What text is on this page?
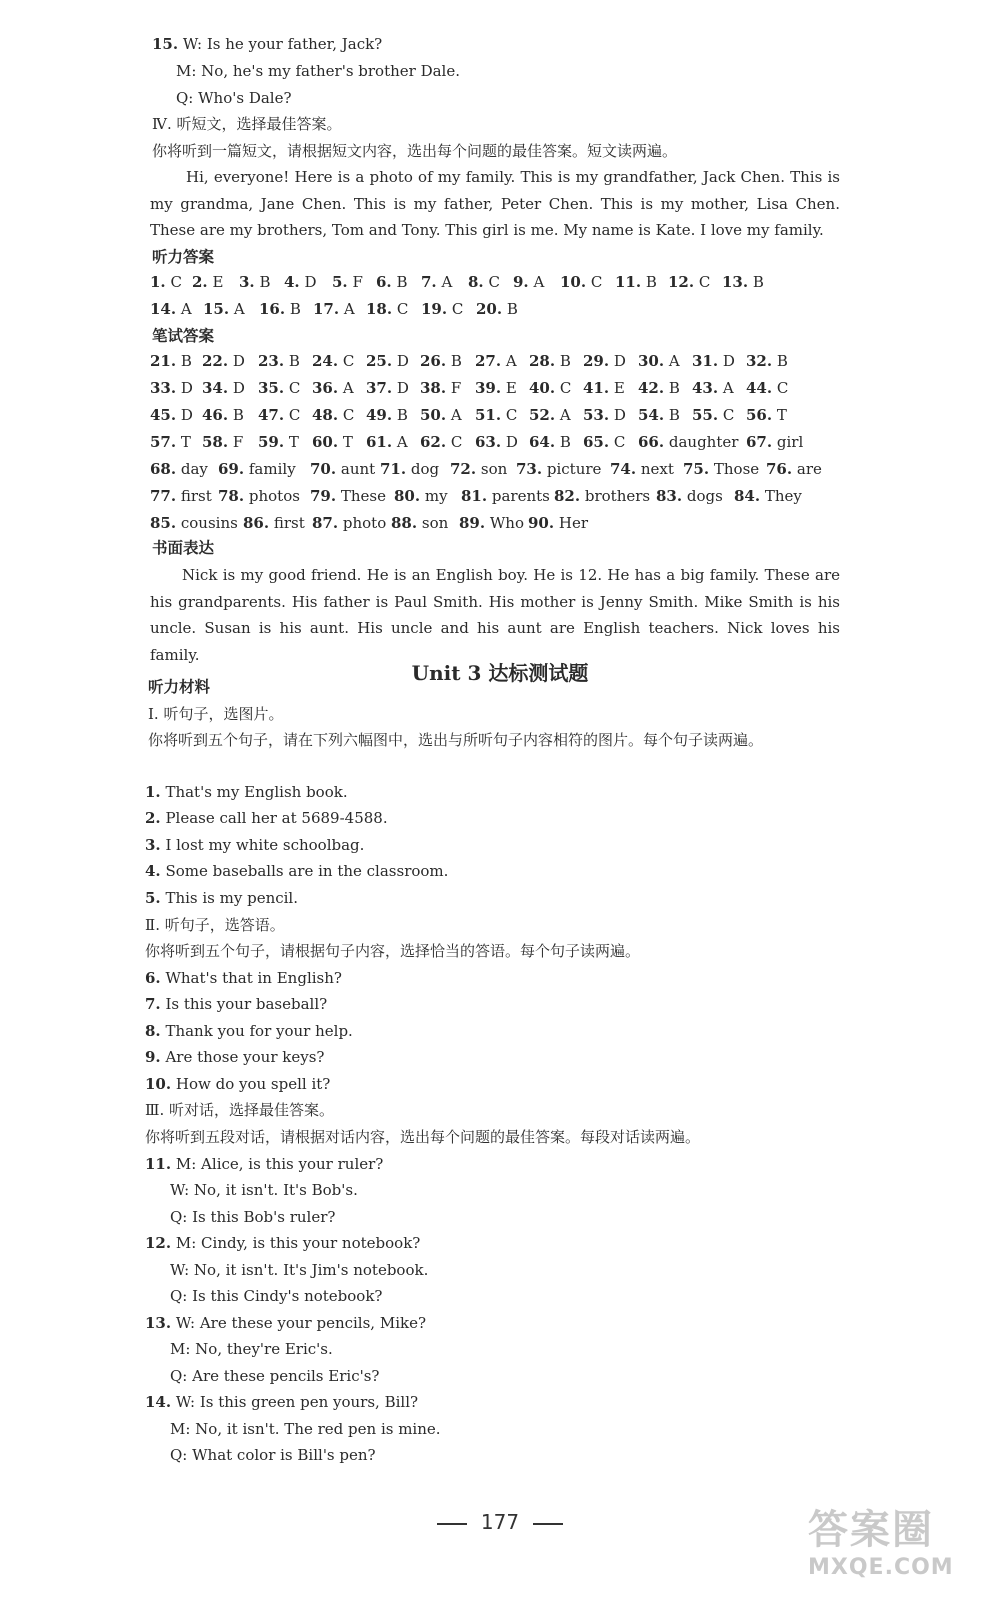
15. W: Is he your father, Jack?
M: No, he's my father's brother Dale.
Q: Who's Dale?
Ⅳ. 听短文，选择最佳答案。
你将听到一篇短文，请根据短文内容，选出每个问题的最佳答案。短文读两遍。
Hi, everyone! Here is a photo of my family. This is my grandfather, Jack Chen. This is my grandma, Jane Chen. This is my father, Peter Chen. This is my mother, Lisa Chen. These are my brothers, Tom and Tony. This girl is me. My name is Kate. I love my family.
听力答案
1. C 2. E 3. B 4. D 5. F 6. B 7. A 8. C 9. A 10. C 11. B 12. C 13. B
14. A 15. A 16. B 17. A 18. C 19. C 20. B
笔试答案
21. B 22. D 23. B 24. C 25. D 26. B 27. A 28. B 29. D 30. A 31. D 32. B
33. D 34. D 35. C 36. A 37. D 38. F 39. E 40. C 41. E 42. B 43. A 44. C
45. D 46. B 47. C 48. C 49. B 50. A 51. C 52. A 53. D 54. B 55. C 56. T
57. T 58. F 59. T 60. T 61. A 62. C 63. D 64. B 65. C 66. daughter 67. girl
68. day 69. family 70. aunt 71. dog 72. son 73. picture 74. next 75. Those 76. are
77. first 78. photos 79. These 80. my 81. parents 82. brothers 83. dogs 84. They
85. cousins 86. first 87. photo 88. son 89. Who 90. Her
书面表达
Nick is my good friend. He is an English boy. He is 12. He has a big family. These are his grandparents. His father is Paul Smith. His mother is Jenny Smith. Mike Smith is his uncle. Susan is his aunt. His uncle and his aunt are English teachers. Nick loves his family.
Unit 3 达标测试题
听力材料
Ⅰ. 听句子，选图片。
你将听到五个句子，请在下列六幅图中，选出与所听句子内容相符的图片。每个句子读两遍。
1. That's my English book.
2. Please call her at 5689-4588.
3. I lost my white schoolbag.
4. Some baseballs are in the classroom.
5. This is my pencil.
Ⅱ. 听句子，选答语。
你将听到五个句子，请根据句子内容，选择恰当的答语。每个句子读两遍。
6. What's that in English?
7. Is this your baseball?
8. Thank you for your help.
9. Are those your keys?
10. How do you spell it?
Ⅲ. 听对话，选择最佳答案。
你将听到五段对话，请根据对话内容，选出每个问题的最佳答案。每段对话读两遍。
11. M: Alice, is this your ruler?
W: No, it isn't. It's Bob's.
Q: Is this Bob's ruler?
12. M: Cindy, is this your notebook?
W: No, it isn't. It's Jim's notebook.
Q: Is this Cindy's notebook?
13. W: Are these your pencils, Mike?
M: No, they're Eric's.
Q: Are these pencils Eric's?
14. W: Is this green pen yours, Bill?
M: No, it isn't. The red pen is mine.
Q: What color is Bill's pen?
177	答案圈
MXQE.COM
